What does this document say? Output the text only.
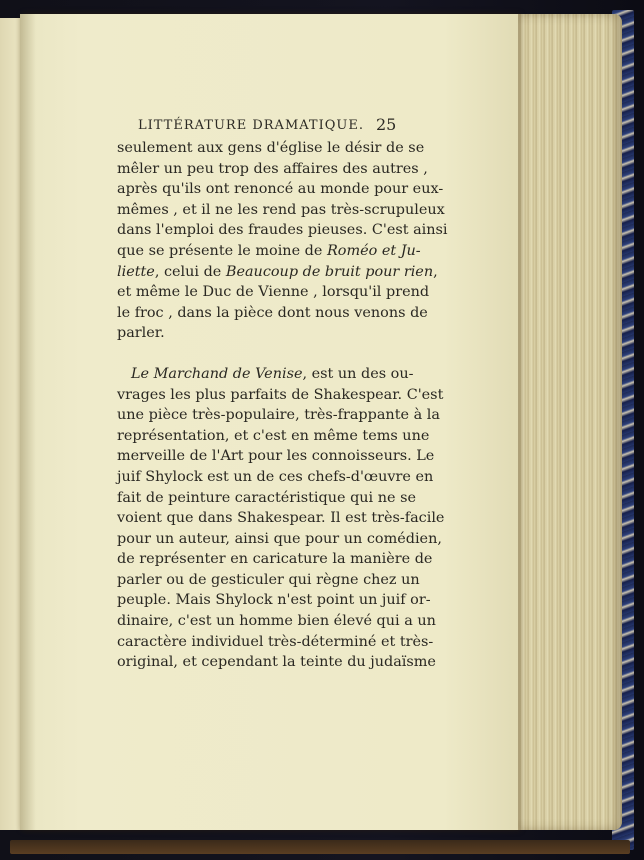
LITTÉRATURE DRAMATIQUE. 25
seulement aux gens d'église le désir de se
mêler un peu trop des affaires des autres ,
après qu'ils ont renoncé au monde pour eux-
mêmes , et il ne les rend pas très-scrupuleux
dans l'emploi des fraudes pieuses. C'est ainsi
que se présente le moine de Roméo et Ju-
liette, celui de Beaucoup de bruit pour rien,
et même le Duc de Vienne , lorsqu'il prend
le froc , dans la pièce dont nous venons de
parler.
Le Marchand de Venise, est un des ou-
vrages les plus parfaits de Shakespear. C'est
une pièce très-populaire, très-frappante à la
représentation, et c'est en même tems une
merveille de l'Art pour les connoisseurs. Le
juif Shylock est un de ces chefs-d'œuvre en
fait de peinture caractéristique qui ne se
voient que dans Shakespear. Il est très-facile
pour un auteur, ainsi que pour un comédien,
de représenter en caricature la manière de
parler ou de gesticuler qui règne chez un
peuple. Mais Shylock n'est point un juif or-
dinaire, c'est un homme bien élevé qui a un
caractère individuel très-déterminé et très-
original, et cependant la teinte du judaïsme
